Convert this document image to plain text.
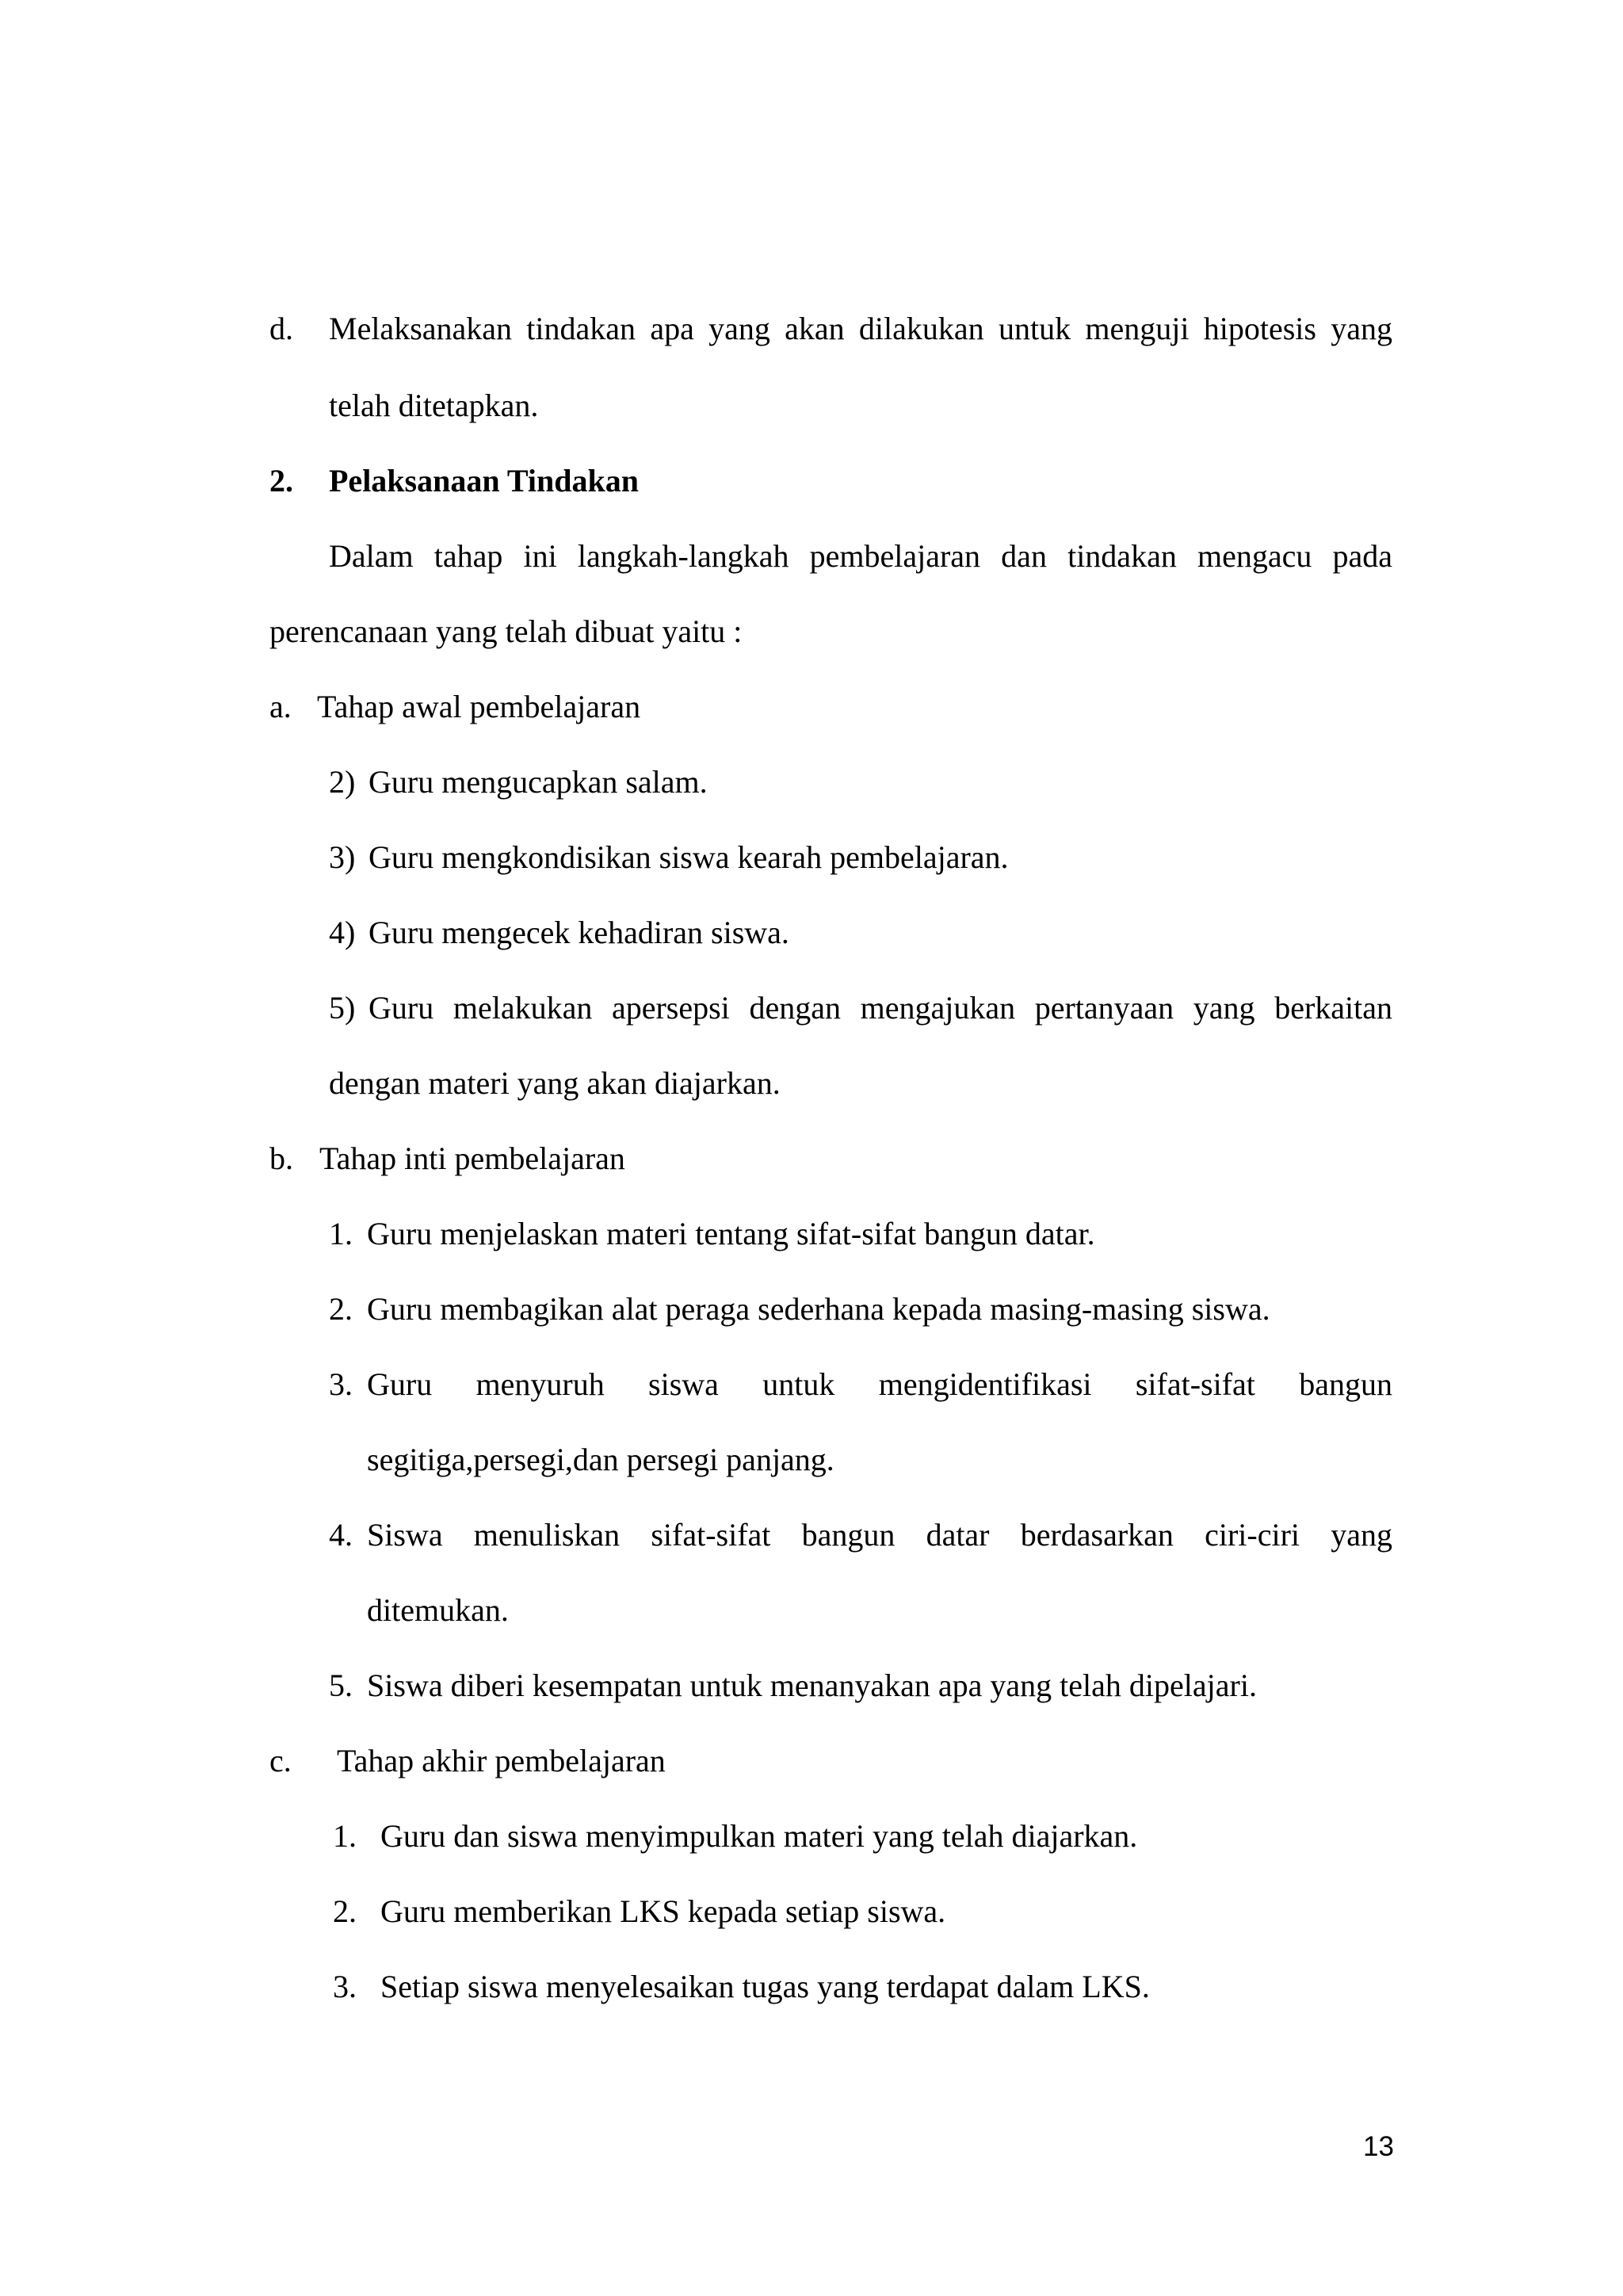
d. Melaksanakan tindakan apa yang akan dilakukan untuk menguji hipotesis yang
telah ditetapkan.
2. Pelaksanaan Tindakan
Dalam tahap ini langkah-langkah pembelajaran dan tindakan mengacu pada
perencanaan yang telah dibuat yaitu :
a. Tahap awal pembelajaran
2) Guru mengucapkan salam.
3) Guru mengkondisikan siswa kearah pembelajaran.
4) Guru mengecek kehadiran siswa.
5) Guru melakukan apersepsi dengan mengajukan pertanyaan yang berkaitan
dengan materi yang akan diajarkan.
b. Tahap inti pembelajaran
1. Guru menjelaskan materi tentang sifat-sifat bangun datar.
2. Guru membagikan alat peraga sederhana kepada masing-masing siswa.
3. Guru menyuruh siswa untuk mengidentifikasi sifat-sifat bangun
segitiga,persegi,dan persegi panjang.
4. Siswa menuliskan sifat-sifat bangun datar berdasarkan ciri-ciri yang
ditemukan.
5. Siswa diberi kesempatan untuk menanyakan apa yang telah dipelajari.
c. Tahap akhir pembelajaran
1. Guru dan siswa menyimpulkan materi yang telah diajarkan.
2. Guru memberikan LKS kepada setiap siswa.
3. Setiap siswa menyelesaikan tugas yang terdapat dalam LKS.
13
